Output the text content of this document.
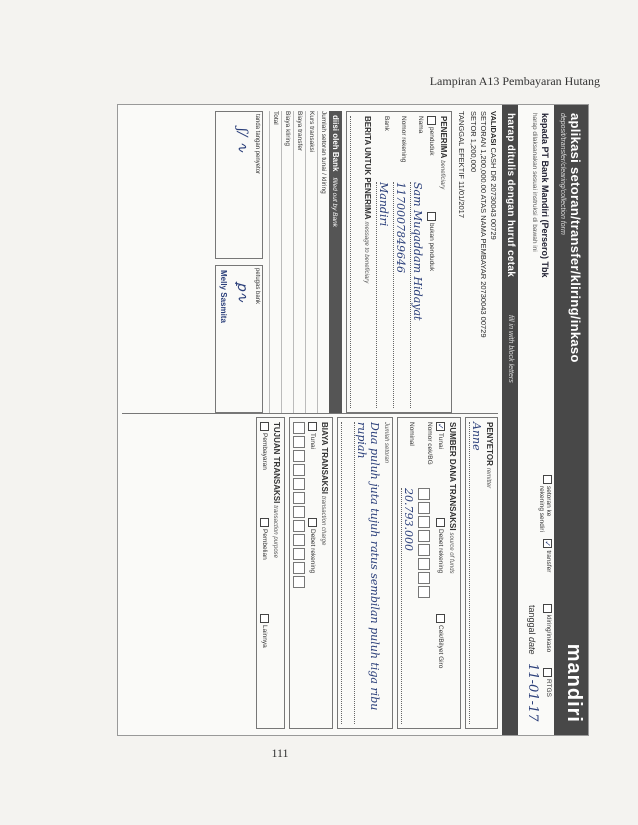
Lampiran A13 Pembayaran Hutang
aplikasi setoran/transfer/kliring/inkaso
deposit/transfer/clearing/collection form
mandiri
kepada PT Bank Mandiri (Persero) Tbk
harap dilaksanakan sesuai instruksi di bawah ini
setoran ke rekening sendiri
✓
transfer
kliring/inkaso
RTGS
tanggal date 11-01-17
harap ditulis dengan huruf cetak
fill in with block letters
VALIDASI CASH DR 20730043 00729
SETORAN 1,200,000.00 ATAS NAMA PEMBAYAR 20730043 00729
SETOR 1,200,000
TANGGAL EFEKTIF 11/01/2017
PENERIMA beneficiary
penduduk
bukan penduduk
Nama
Sam Muqaddam Hidayat
Nomor rekening
1170007849646
Bank
Mandiri
BERITA UNTUK PENERIMA message to beneficiary
diisi oleh Bankfilled out by Bank
Jumlah setoran tunai / kliring
Kurs transaksi
Biaya transfer
Biaya kliring
Total
tanda tangan penyetor
ʃ∕ ∿
petugas bank
ꝑ∿
Melly Sasmita
PENYETOR remitter
Anne
SUMBER DANA TRANSAKSI source of funds
✓
Tunai
Debet rekening
Cek/Bilyet Giro
Nomor cek/BG
Nominal
20.793.000
Jumlah setoran
Dua puluh juta tujuh ratus sembilan puluh tiga ribu rupiah
BIAYA TRANSAKSI transaction charge
Tunai
Debet rekening
TUJUAN TRANSAKSI transaction purpose
Pembayaran
Pembelian
Lainnya
111
